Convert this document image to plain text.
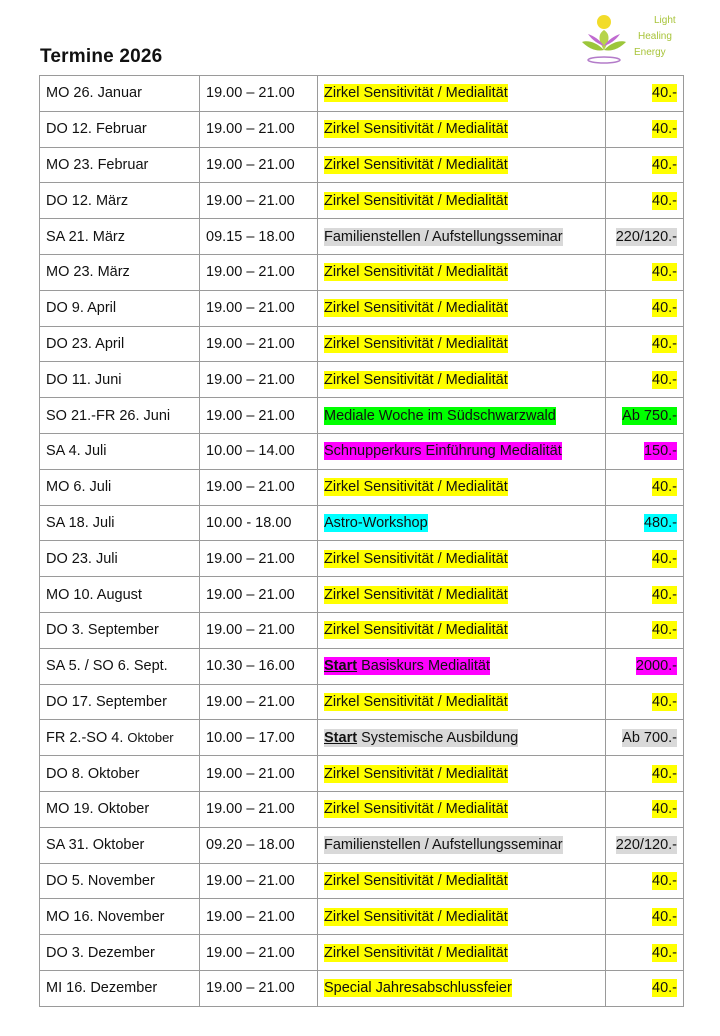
Termine 2026
Light
Healing
Energy
MO 26. Januar	19.00 – 21.00	Zirkel Sensitivität / Medialität	40.-
DO 12. Februar	19.00 – 21.00	Zirkel Sensitivität / Medialität	40.-
MO 23. Februar	19.00 – 21.00	Zirkel Sensitivität / Medialität	40.-
DO 12. März	19.00 – 21.00	Zirkel Sensitivität / Medialität	40.-
SA 21. März	09.15 – 18.00	Familienstellen / Aufstellungsseminar	220/120.-
MO 23. März	19.00 – 21.00	Zirkel Sensitivität / Medialität	40.-
DO 9. April	19.00 – 21.00	Zirkel Sensitivität / Medialität	40.-
DO 23. April	19.00 – 21.00	Zirkel Sensitivität / Medialität	40.-
DO 11. Juni	19.00 – 21.00	Zirkel Sensitivität / Medialität	40.-
SO 21.-FR 26. Juni	19.00 – 21.00	Mediale Woche im Südschwarzwald	Ab 750.-
SA 4. Juli	10.00 – 14.00	Schnupperkurs Einführung Medialität	150.-
MO 6. Juli	19.00 – 21.00	Zirkel Sensitivität / Medialität	40.-
SA 18. Juli	10.00 - 18.00	Astro-Workshop	480.-
DO 23. Juli	19.00 – 21.00	Zirkel Sensitivität / Medialität	40.-
MO 10. August	19.00 – 21.00	Zirkel Sensitivität / Medialität	40.-
DO 3. September	19.00 – 21.00	Zirkel Sensitivität / Medialität	40.-
SA 5. / SO 6. Sept.	10.30 – 16.00	Start Basiskurs Medialität	2000.-
DO 17. September	19.00 – 21.00	Zirkel Sensitivität / Medialität	40.-
FR 2.-SO 4. Oktober	10.00 – 17.00	Start Systemische Ausbildung	Ab 700.-
DO 8. Oktober	19.00 – 21.00	Zirkel Sensitivität / Medialität	40.-
MO 19. Oktober	19.00 – 21.00	Zirkel Sensitivität / Medialität	40.-
SA 31. Oktober	09.20 – 18.00	Familienstellen / Aufstellungsseminar	220/120.-
DO 5. November	19.00 – 21.00	Zirkel Sensitivität / Medialität	40.-
MO 16. November	19.00 – 21.00	Zirkel Sensitivität / Medialität	40.-
DO 3. Dezember	19.00 – 21.00	Zirkel Sensitivität / Medialität	40.-
MI 16. Dezember	19.00 – 21.00	Special Jahresabschlussfeier	40.-
